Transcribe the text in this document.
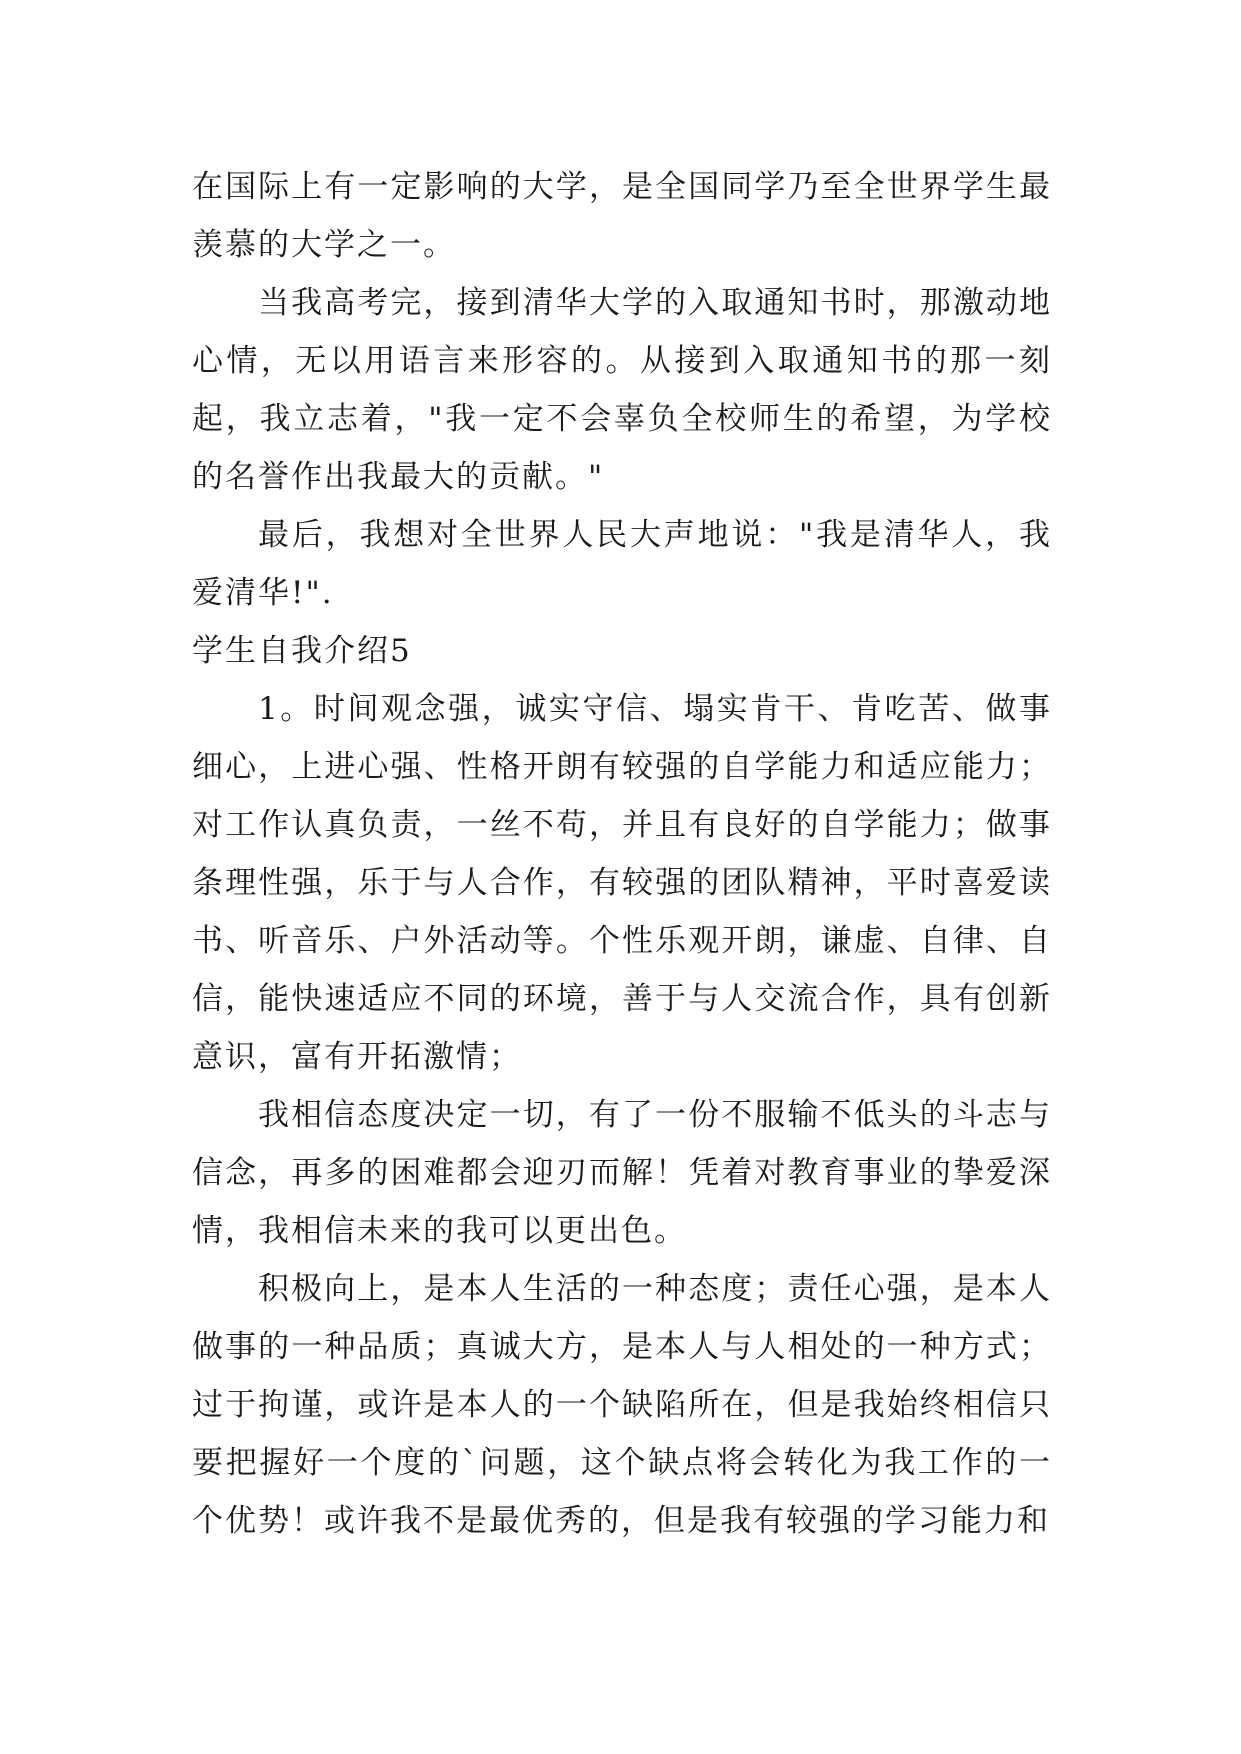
在国际上有一定影响的大学，是全国同学乃至全世界学生最羡慕的大学之一。

当我高考完，接到清华大学的入取通知书时，那激动地心情，无以用语言来形容的。从接到入取通知书的那一刻起，我立志着，"我一定不会辜负全校师生的希望，为学校的名誉作出我最大的贡献。"

最后，我想对全世界人民大声地说："我是清华人，我爱清华!".

学生自我介绍5

1。时间观念强，诚实守信、塌实肯干、肯吃苦、做事细心，上进心强、性格开朗有较强的自学能力和适应能力；对工作认真负责，一丝不苟，并且有良好的自学能力；做事条理性强，乐于与人合作，有较强的团队精神，平时喜爱读书、听音乐、户外活动等。个性乐观开朗，谦虚、自律、自信，能快速适应不同的环境，善于与人交流合作，具有创新意识，富有开拓激情；

我相信态度决定一切，有了一份不服输不低头的斗志与信念，再多的困难都会迎刃而解！凭着对教育事业的挚爱深情，我相信未来的我可以更出色。

积极向上，是本人生活的一种态度；责任心强，是本人做事的一种品质；真诚大方，是本人与人相处的一种方式；过于拘谨，或许是本人的一个缺陷所在，但是我始终相信只要把握好一个度的`问题，这个缺点将会转化为我工作的一个优势！或许我不是最优秀的，但是我有较强的学习能力和
